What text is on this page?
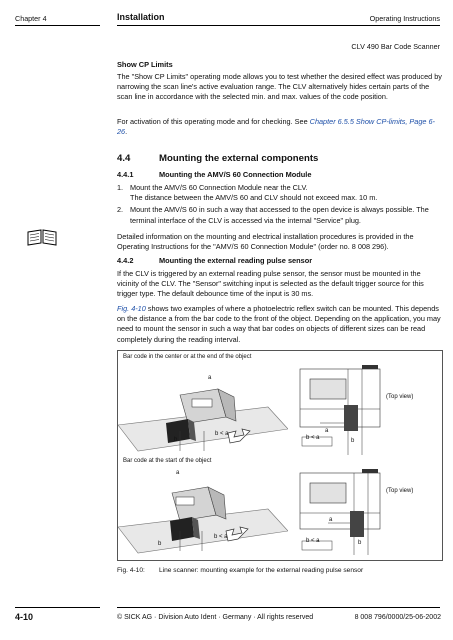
Chapter 4	Installation	Operating Instructions
CLV 490 Bar Code Scanner
Show CP Limits
The "Show CP Limits" operating mode allows you to test whether the desired effect was produced by narrowing the scan line's active evaluation range. The CLV alternatively hides certain parts of the scan line in accordance with the selected min. and max. values of the code position.
For activation of this operating mode and for checking. See Chapter 6.5.5 Show CP-limits, Page 6-26.
4.4	Mounting the external components
4.4.1	Mounting the AMV/S 60 Connection Module
1. Mount the AMV/S 60 Connection Module near the CLV.
The distance between the AMV/S 60 and CLV should not exceed max. 10 m.
2. Mount the AMV/S 60 in such a way that accessed to the open device is always possible. The terminal interface of the CLV is accessed via the internal "Service" plug.
Detailed information on the mounting and electrical installation procedures is provided in the Operating Instructions for the "AMV/S 60 Connection Module" (order no. 8 008 296).
4.4.2	Mounting the external reading pulse sensor
If the CLV is triggered by an external reading pulse sensor, the sensor must be mounted in the vicinity of the CLV. The "Sensor" switching input is selected as the default trigger source for this trigger type. The default debounce time of the input is 30 ms.
Fig. 4-10 shows two examples of where a photoelectric reflex switch can be mounted. This depends on the distance a from the bar code to the front of the object. Depending on the application, you may need to mount the sensor in such a way that bar codes on objects of different sizes can be read completely during the reading interval.
Bar code in the center or at the end of the object
Bar code at the start of the object
a
b
b < a	a
b < a	b
(Top view)
a
b
b < a
a
b < a	b
(Top view)
Fig. 4-10: Line scanner: mounting example for the external reading pulse sensor
4-10	© SICK AG · Division Auto Ident · Germany · All rights reserved	8 008 796/0000/25-06-2002
